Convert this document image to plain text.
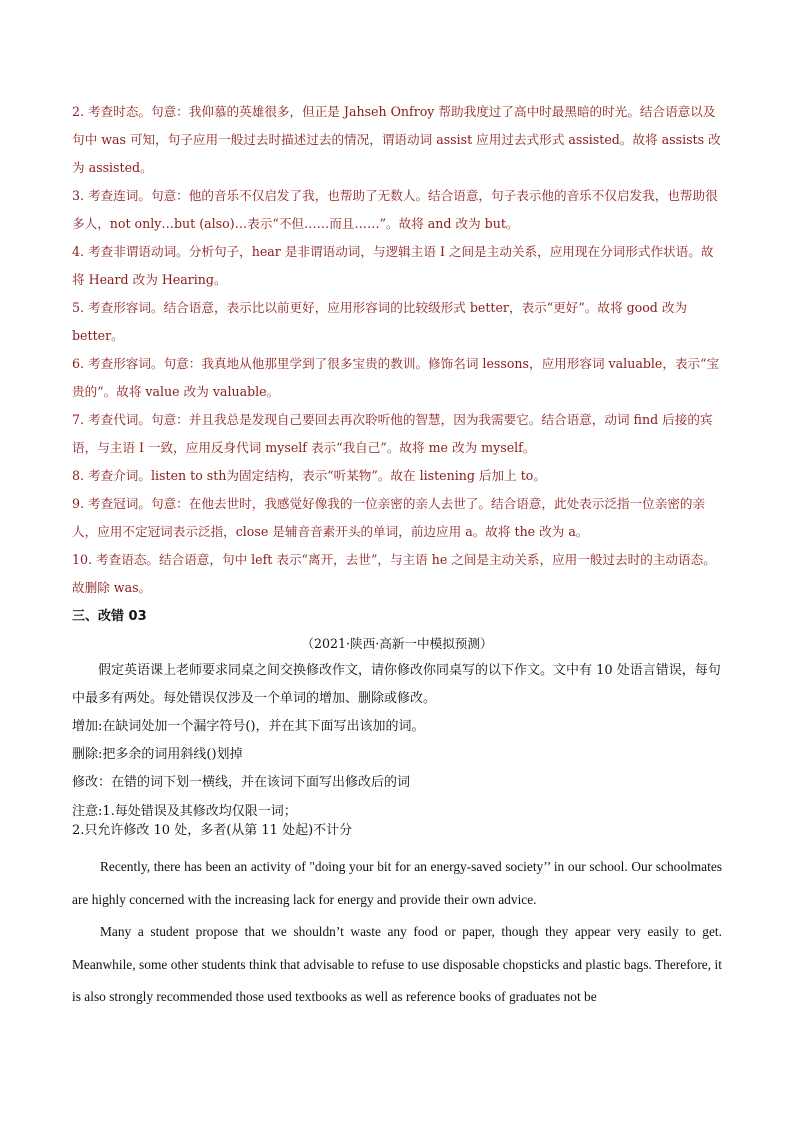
2. 考查时态。句意：我仰慕的英雄很多，但正是 Jahseh Onfroy 帮助我度过了高中时最黑暗的时光。结合语意以及句中 was 可知，句子应用一般过去时描述过去的情况，谓语动词 assist 应用过去式形式 assisted。故将 assists 改为 assisted。

3. 考查连词。句意：他的音乐不仅启发了我，也帮助了无数人。结合语意，句子表示他的音乐不仅启发我，也帮助很多人，not only…but (also)…表示“不但……而且……”。故将 and 改为 but。

4. 考查非谓语动词。分析句子，hear 是非谓语动词，与逻辑主语 I 之间是主动关系，应用现在分词形式作状语。故将 Heard 改为 Hearing。

5. 考查形容词。结合语意，表示比以前更好，应用形容词的比较级形式 better，表示“更好”。故将 good 改为 better。

6. 考查形容词。句意：我真地从他那里学到了很多宝贵的教训。修饰名词 lessons，应用形容词 valuable，表示“宝贵的”。故将 value 改为 valuable。

7. 考查代词。句意：并且我总是发现自己要回去再次聆听他的智慧，因为我需要它。结合语意，动词 find 后接的宾语，与主语 I 一致，应用反身代词 myself 表示“我自己”。故将 me 改为 myself。

8. 考查介词。listen to sth为固定结构，表示“听某物”。故在 listening 后加上 to。

9. 考查冠词。句意：在他去世时，我感觉好像我的一位亲密的亲人去世了。结合语意，此处表示泛指一位亲密的亲人，应用不定冠词表示泛指，close 是辅音音素开头的单词，前边应用 a。故将 the 改为 a。

10. 考查语态。结合语意，句中 left 表示“离开，去世”，与主语 he 之间是主动关系，应用一般过去时的主动语态。故删除 was。

三、改错 03
（2021·陕西·高新一中模拟预测）

假定英语课上老师要求同桌之间交换修改作文，请你修改你同桌写的以下作文。文中有 10 处语言错误，每句中最多有两处。每处错误仅涉及一个单词的增加、删除或修改。

增加:在缺词处加一个漏字符号()，并在其下面写出该加的词。

删除:把多余的词用斜线()划掉

修改：在错的词下划一横线，并在该词下面写出修改后的词

注意:1.每处错误及其修改均仅限一词；

2.只允许修改 10 处，多者(从第 11 处起)不计分

Recently, there has been an activity of "doing your bit for an energy-saved society’’ in our school. Our schoolmates are highly concerned with the increasing lack for energy and provide their own advice.

Many a student propose that we shouldn’t waste any food or paper, though they appear very easily to get. Meanwhile, some other students think that advisable to refuse to use disposable chopsticks and plastic bags. Therefore, it is also strongly recommended those used textbooks as well as reference books of graduates not be
